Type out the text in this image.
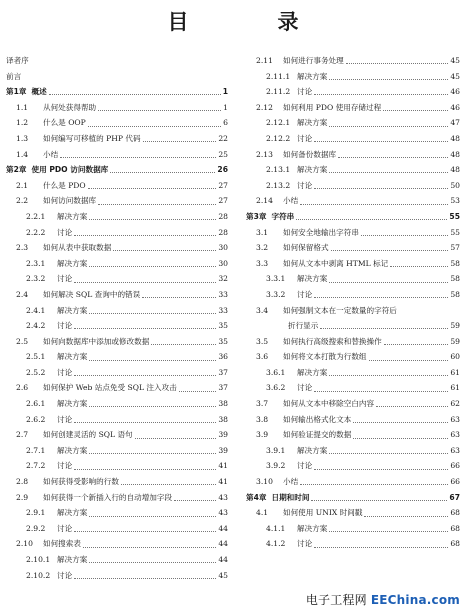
目　录
译者序
前言
第1章 概述	1
1.1	从何处获得帮助	1
1.2	什么是 OOP	6
1.3	如何编写可移植的 PHP 代码	22
1.4	小结	25
第2章 使用 PDO 访问数据库	26
2.1	什么是 PDO	27
2.2	如何访问数据库	27
2.2.1	解决方案	28
2.2.2	讨论	28
2.3	如何从表中获取数据	30
2.3.1	解决方案	30
2.3.2	讨论	32
2.4	如何解决 SQL 查询中的错误	33
2.4.1	解决方案	33
2.4.2	讨论	35
2.5	如何向数据库中添加或修改数据	35
2.5.1	解决方案	36
2.5.2	讨论	37
2.6	如何保护 Web 站点免受 SQL 注入攻击	37
2.6.1	解决方案	38
2.6.2	讨论	38
2.7	如何创建灵活的 SQL 语句	39
2.7.1	解决方案	39
2.7.2	讨论	41
2.8	如何获得受影响的行数	41
2.9	如何获得一个新插入行的自动增加字段	43
2.9.1	解决方案	43
2.9.2	讨论	44
2.10	如何搜索表	44
2.10.1 解决方案	44
2.10.2 讨论	45
2.11	如何进行事务处理	45
2.11.1 解决方案	45
2.11.2 讨论	46
2.12	如何利用 PDO 使用存储过程	46
2.12.1 解决方案	47
2.12.2 讨论	48
2.13	如何备份数据库	48
2.13.1 解决方案	48
2.13.2 讨论	50
2.14	小结	53
第3章 字符串	55
3.1	如何安全地输出字符串	55
3.2	如何保留格式	57
3.3	如何从文本中剥离 HTML 标记	58
3.3.1	解决方案	58
3.3.2	讨论	58
3.4	如何强制文本在一定数量的字符后
折行显示	59
3.5	如何执行高级搜索和替换操作	59
3.6	如何将文本打散为行数组	60
3.6.1	解决方案	61
3.6.2	讨论	61
3.7	如何从文本中移除空白内容	62
3.8	如何输出格式化文本	63
3.9	如何验证提交的数据	63
3.9.1	解决方案	63
3.9.2	讨论	66
3.10	小结	66
第4章 日期和时间	67
4.1	如何使用 UNIX 时间戳	68
4.1.1	解决方案	68
4.1.2	讨论	68
电子工程网 EEChina.com
